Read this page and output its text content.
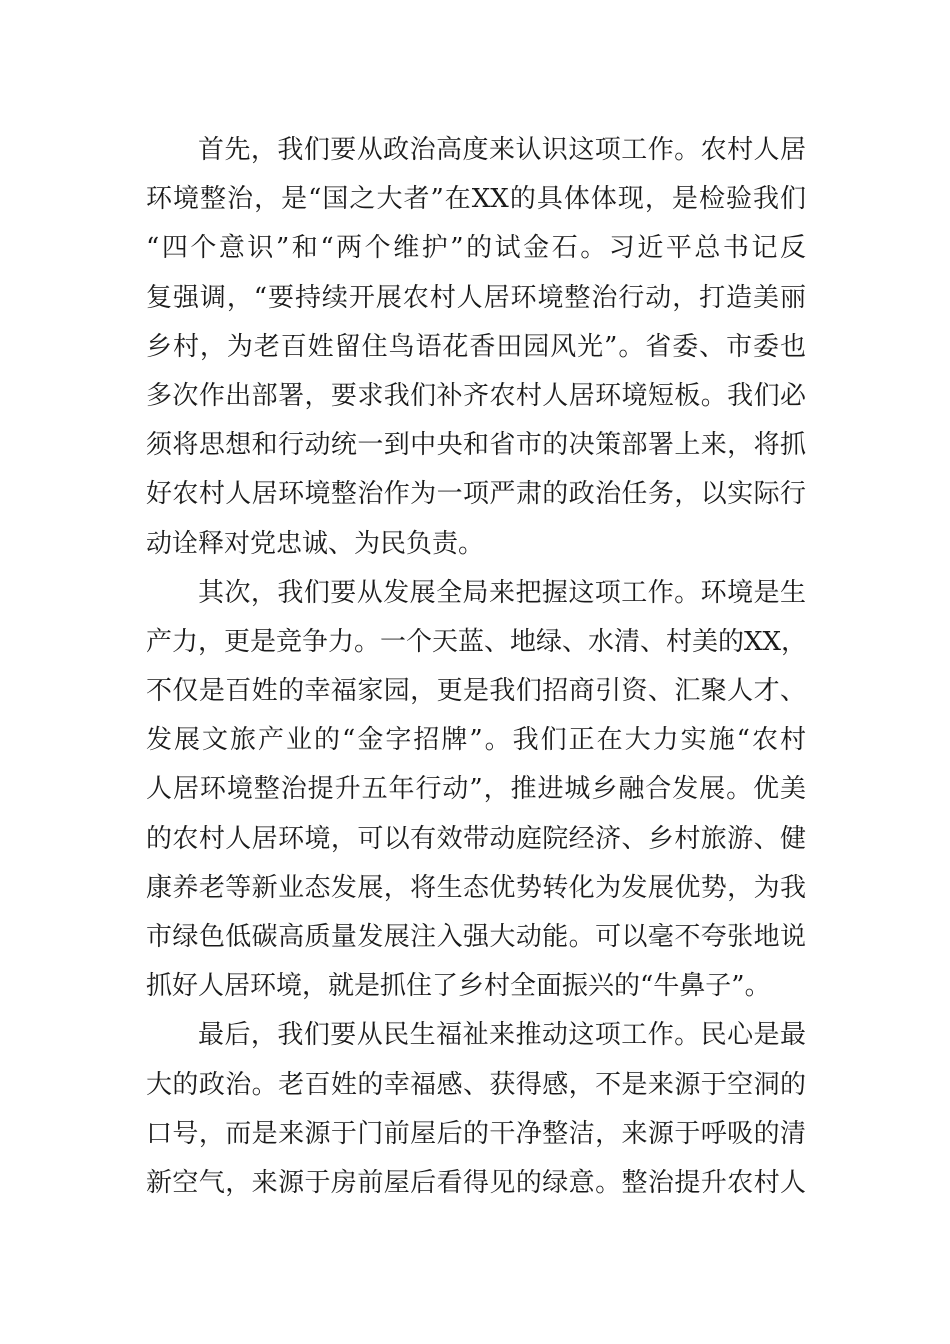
首先，我们要从政治高度来认识这项工作。农村人居
环境整治，是“国之大者”在XX的具体体现，是检验我们
“四个意识”和“两个维护”的试金石。习近平总书记反
复强调，“要持续开展农村人居环境整治行动，打造美丽
乡村，为老百姓留住鸟语花香田园风光”。省委、市委也
多次作出部署，要求我们补齐农村人居环境短板。我们必
须将思想和行动统一到中央和省市的决策部署上来，将抓
好农村人居环境整治作为一项严肃的政治任务，以实际行
动诠释对党忠诚、为民负责。
其次，我们要从发展全局来把握这项工作。环境是生
产力，更是竞争力。一个天蓝、地绿、水清、村美的XX，
不仅是百姓的幸福家园，更是我们招商引资、汇聚人才、
发展文旅产业的“金字招牌”。我们正在大力实施“农村
人居环境整治提升五年行动”，推进城乡融合发展。优美
的农村人居环境，可以有效带动庭院经济、乡村旅游、健
康养老等新业态发展，将生态优势转化为发展优势，为我
市绿色低碳高质量发展注入强大动能。可以毫不夸张地说
抓好人居环境，就是抓住了乡村全面振兴的“牛鼻子”。
最后，我们要从民生福祉来推动这项工作。民心是最
大的政治。老百姓的幸福感、获得感，不是来源于空洞的
口号，而是来源于门前屋后的干净整洁，来源于呼吸的清
新空气，来源于房前屋后看得见的绿意。整治提升农村人
